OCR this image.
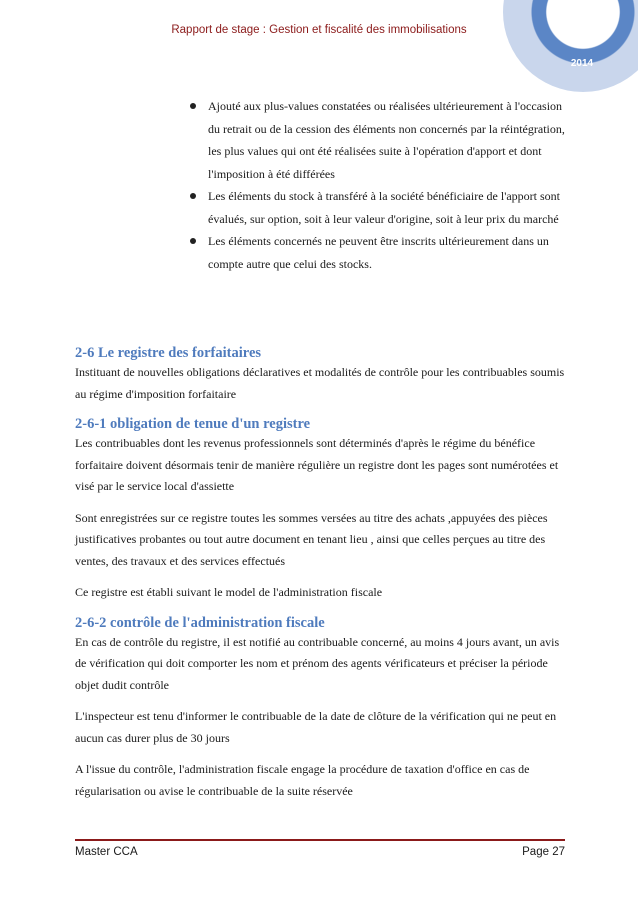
Rapport de stage : Gestion et fiscalité des immobilisations
2014
Ajouté aux plus-values constatées ou réalisées ultérieurement à l'occasion du retrait ou de la cession des éléments non concernés par la réintégration, les plus values qui ont été réalisées suite à l'opération d'apport et dont l'imposition à été différées
Les éléments du stock à transféré à la société bénéficiaire de l'apport sont évalués, sur option, soit à leur valeur d'origine, soit à leur prix du marché
Les éléments concernés ne peuvent être inscrits ultérieurement dans un compte autre que celui des stocks.
2-6 Le registre des forfaitaires

Instituant de nouvelles obligations déclaratives et modalités de contrôle pour les contribuables soumis au régime d'imposition forfaitaire

2-6-1 obligation de tenue d'un registre

Les contribuables dont les revenus professionnels sont déterminés d'après le régime du bénéfice forfaitaire doivent désormais tenir de manière régulière un registre dont les pages sont numérotées et visé par le service local d'assiette

Sont enregistrées sur ce registre toutes les sommes versées au titre des achats ,appuyées des pièces justificatives probantes ou tout autre document en tenant lieu , ainsi que celles perçues au titre des ventes, des travaux et des services effectués

Ce registre est établi suivant le model de l'administration fiscale

2-6-2 contrôle de l'administration fiscale

En cas de contrôle du registre, il est notifié au contribuable concerné, au moins 4 jours avant, un avis de vérification qui doit comporter les nom et prénom des agents vérificateurs et préciser la période objet dudit contrôle

L'inspecteur est tenu d'informer le contribuable de la date de clôture de la vérification qui ne peut en aucun cas durer plus de 30 jours

A l'issue du contrôle, l'administration fiscale engage la procédure de taxation d'office en cas de régularisation ou avise le contribuable de la suite réservée

Master CCA	Page 27
